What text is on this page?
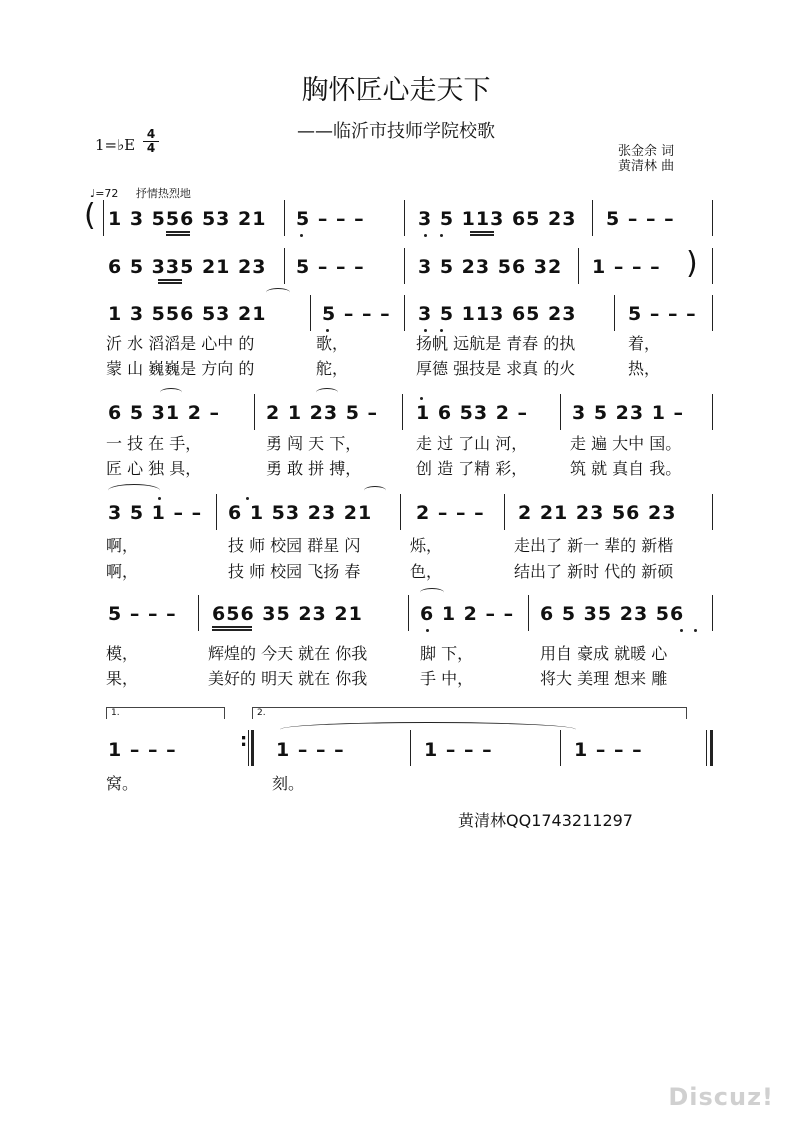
胸怀匠心走天下
——临沂市技师学院校歌
1=♭E
4
4	张金余 词
黄清林 曲
♩=72 抒情热烈地
( 1 3 556 53 21 5 – – –	3 5 113 65 23 5 – – –
6 5 335 21 23 5 – – –	3 5 23 56 32 1 – – – )
1 3 556 53 21	5 – – – 3 5 113 65 23	5 – – –
沂 水 滔滔是 心中 的	歌，	扬帆 远航是 青春 的执	着，
蒙 山 巍巍是 方向 的	舵，	厚德 强技是 求真 的火	热，
6 5 31 2 – 2 1 23 5 – 1 6 53 2 – 3 5 23 1 –
一 技 在 手，	勇 闯 天 下，	走 过 了山 河，	走 遍 大中 国。
匠 心 独 具，	勇 敢 拼 搏，	创 造 了精 彩，	筑 就 真自 我。
3 5 1 – – 6 1 53 23 21 2 – – – 2 21 23 56 23
啊，	技 师 校园 群星 闪	烁，	走出了 新一 辈的 新楷
啊，	技 师 校园 飞扬 春	色，	结出了 新时 代的 新硕
5 – – – 656 35 23 21	6 1 2 – – 6 5 35 23 56
模，	辉煌的 今天 就在 你我	脚 下，	用自 豪成 就暖 心
果，	美好的 明天 就在 你我	手 中，	将大 美理 想来 雕
1.	2.
1 – – –	: 1 – – –	1 – – –	1 – – –
窝。	刻。
黄清林QQ1743211297
Discuz!
